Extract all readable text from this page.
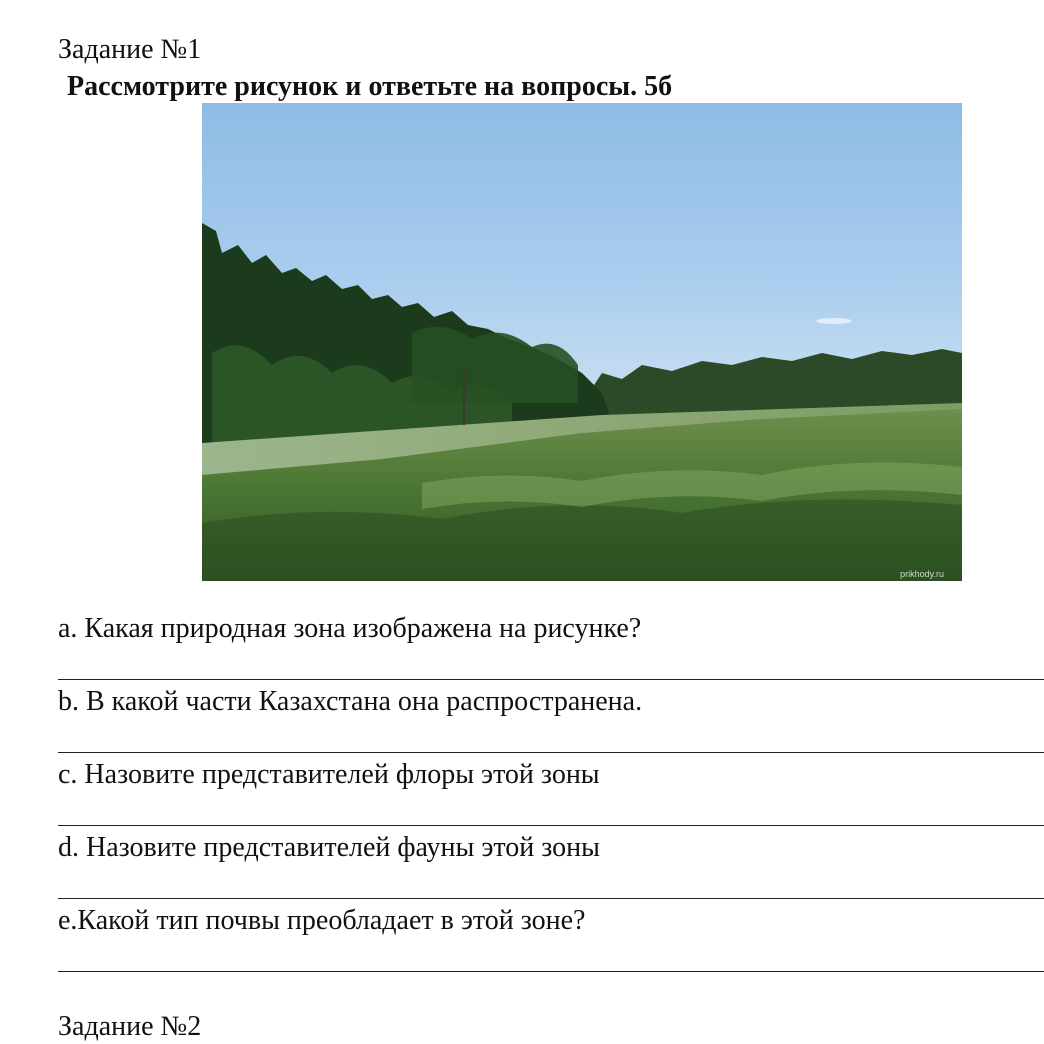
Задание №1
Рассмотрите рисунок и ответьте на вопросы. 5б
prikhody.ru
a. Какая природная зона изображена на рисунке?
b. В какой части Казахстана она распространена.
c. Назовите представителей флоры этой зоны
d. Назовите представителей фауны этой зоны
e.Какой тип почвы преобладает в этой зоне?
Задание №2
